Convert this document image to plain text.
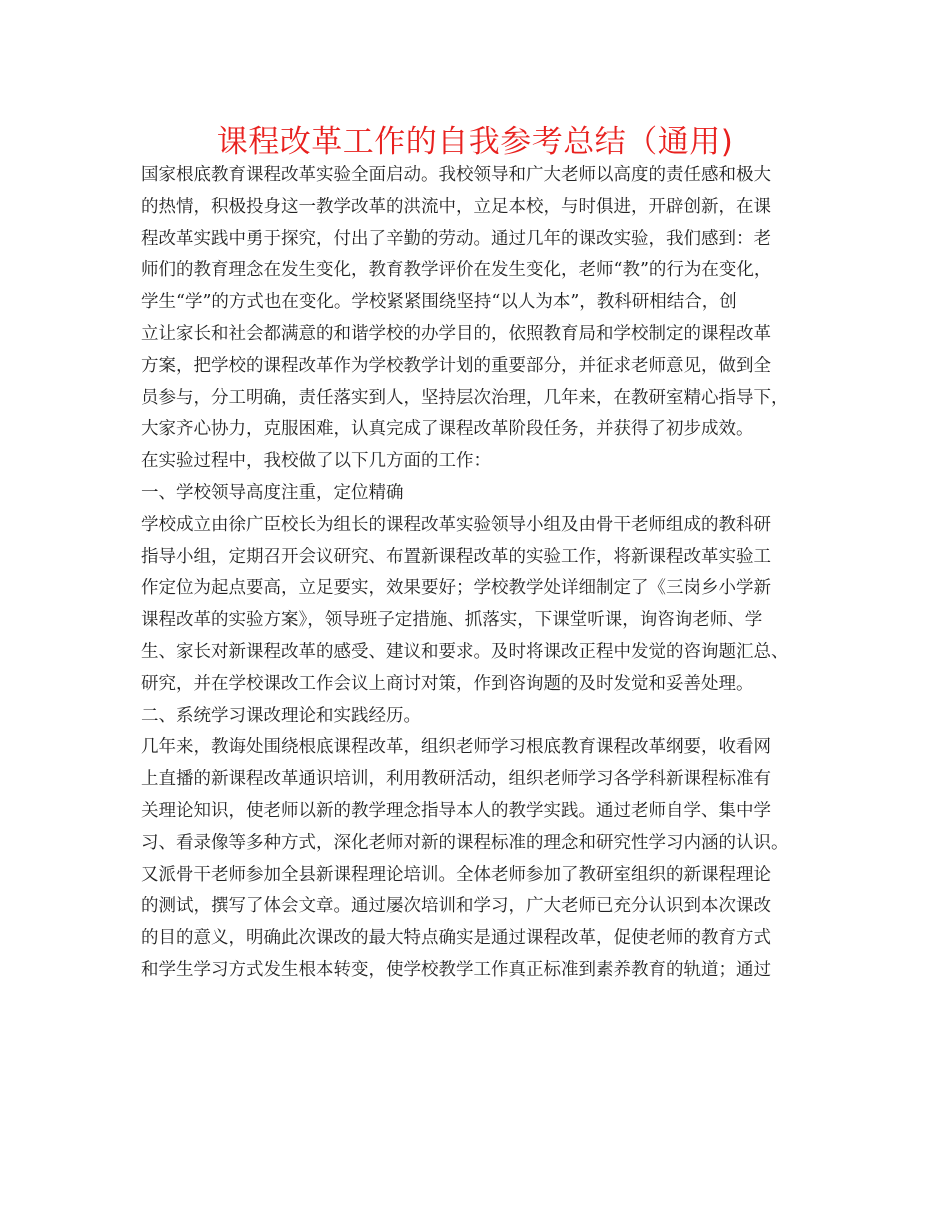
课程改革工作的自我参考总结（通用)
国家根底教育课程改革实验全面启动。我校领导和广大老师以高度的责任感和极大
的热情，积极投身这一教学改革的洪流中，立足本校，与时俱进，开辟创新，在课
程改革实践中勇于探究，付出了辛勤的劳动。通过几年的课改实验，我们感到：老
师们的教育理念在发生变化，教育教学评价在发生变化，老师“教”的行为在变化，
学生“学”的方式也在变化。学校紧紧围绕坚持“以人为本”，教科研相结合，创
立让家长和社会都满意的和谐学校的办学目的，依照教育局和学校制定的课程改革
方案，把学校的课程改革作为学校教学计划的重要部分，并征求老师意见，做到全
员参与，分工明确，责任落实到人，坚持层次治理，几年来，在教研室精心指导下，
大家齐心协力，克服困难，认真完成了课程改革阶段任务，并获得了初步成效。
在实验过程中，我校做了以下几方面的工作：
一、学校领导高度注重，定位精确
学校成立由徐广臣校长为组长的课程改革实验领导小组及由骨干老师组成的教科研
指导小组，定期召开会议研究、布置新课程改革的实验工作，将新课程改革实验工
作定位为起点要高，立足要实，效果要好；学校教学处详细制定了《三岗乡小学新
课程改革的实验方案》，领导班子定措施、抓落实，下课堂听课，询咨询老师、学
生、家长对新课程改革的感受、建议和要求。及时将课改正程中发觉的咨询题汇总、
研究，并在学校课改工作会议上商讨对策，作到咨询题的及时发觉和妥善处理。
二、系统学习课改理论和实践经历。
几年来，教诲处围绕根底课程改革，组织老师学习根底教育课程改革纲要，收看网
上直播的新课程改革通识培训，利用教研活动，组织老师学习各学科新课程标准有
关理论知识，使老师以新的教学理念指导本人的教学实践。通过老师自学、集中学
习、看录像等多种方式，深化老师对新的课程标准的理念和研究性学习内涵的认识。
又派骨干老师参加全县新课程理论培训。全体老师参加了教研室组织的新课程理论
的测试，撰写了体会文章。通过屡次培训和学习，广大老师已充分认识到本次课改
的目的意义，明确此次课改的最大特点确实是通过课程改革，促使老师的教育方式
和学生学习方式发生根本转变，使学校教学工作真正标准到素养教育的轨道；通过
